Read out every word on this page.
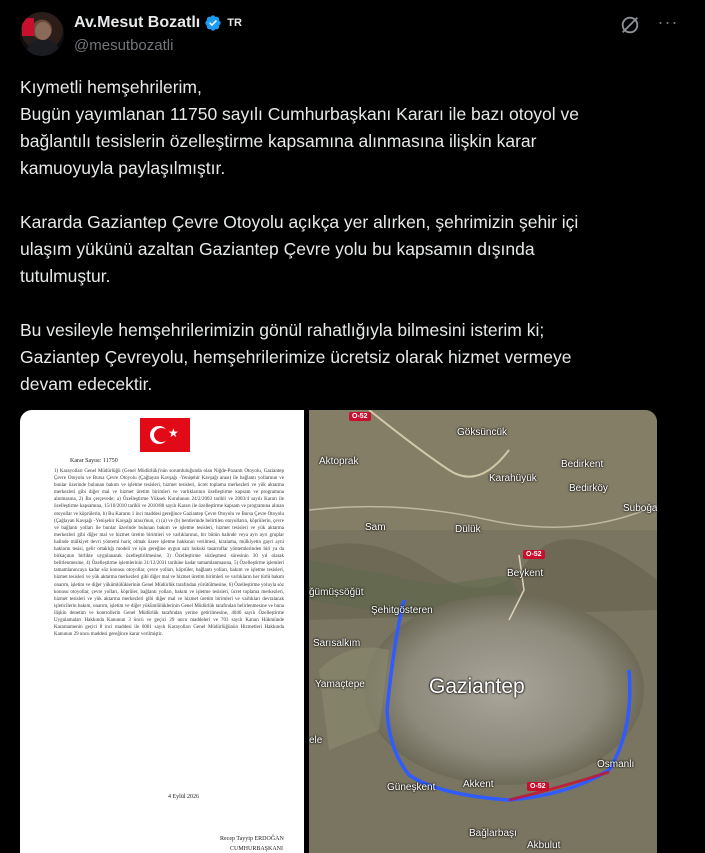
Av.Mesut Bozatlı TR
@mesutbozatli
···

Kıymetli hemşehrilerim,

Bugün yayımlanan 11750 sayılı Cumhurbaşkanı Kararı ile bazı otoyol ve

bağlantılı tesislerin özelleştirme kapsamına alınmasına ilişkin karar

kamuoyuyla paylaşılmıştır.

Kararda Gaziantep Çevre Otoyolu açıkça yer alırken, şehrimizin şehir içi

ulaşım yükünü azaltan Gaziantep Çevre yolu bu kapsamın dışında

tutulmuştur.

Bu vesileyle hemşehrilerimizin gönül rahatlığıyla bilmesini isterim ki;

Gaziantep Çevreyolu, hemşehrilerimize ücretsiz olarak hizmet vermeye

devam edecektir.

★
Karar Sayısı: 11750
1) Karayolları Genel Müdürlüğü (Genel Müdürlük)'nün sorumluluğunda olan Niğde-Pozantı Otoyolu, Gaziantep Çevre Otoyolu ve Bursa Çevre Otoyolu (Çağlayan Kavşağı -Yenişehir Kavşağı arası) ile bağlantı yollarının ve bunlar üzerinde bulunan bakım ve işletme tesisleri, hizmet tesisleri, ücret toplama merkezleri ve yük aktarma merkezleri gibi diğer mal ve hizmet üretim birimleri ve varlıklarının özelleştirme kapsam ve programına alınmasına, 2) Bu çerçevede; a) Özelleştirme Yüksek Kurulunun 24/2/2003 tarihli ve 2003/4 sayılı Kararı ile özelleştirme kapsamına, 15/10/2010 tarihli ve 2010/88 sayılı Kararı ile özelleştirme kapsam ve programına alınan otoyollar ve köprülerin, b) Bu Kararın 1 inci maddesi gereğince Gaziantep Çevre Otoyolu ve Bursa Çevre Otoyolu (Çağlayan Kavşağı -Yenişehir Kavşağı arası)'nun, c) (a) ve (b) bentlerinde belirtilen otoyolların, köprülerin, çevre ve bağlantı yolları ile bunlar üzerinde bulunan bakım ve işletme tesisleri, hizmet tesisleri ve yük aktarma merkezleri gibi diğer mal ve hizmet üretim birimleri ve varlıklarının, bir bütün halinde veya ayrı ayrı gruplar halinde mülkiyet devri yöntemi hariç olmak üzere işletme hakkının verilmesi, kiralama, mülkiyetin gayri ayni hakların tesisi, gelir ortaklığı modeli ve işin gereğine uygun sair hukuki tasarruflar yöntemlerinden biri ya da birkaçının birlikte uygulanarak özelleştirilmesine, 3) Özelleştirme sözleşmesi süresinin 30 yıl olarak belirlenmesine, 4) Özelleştirme işlemlerinin 31/12/2031 tarihine kadar tamamlanmasına, 5) Özelleştirme işlemleri tamamlanıncaya kadar söz konusu otoyollar, çevre yolları, köprüler, bağlantı yolları, bakım ve işletme tesisleri, hizmet tesisleri ve yük aktarma merkezleri gibi diğer mal ve hizmet üretim birimleri ve varlıkların her türlü bakım onarım, işletim ve diğer yükümlülüklerinin Genel Müdürlük tarafından yürütülmesine, 6) Özelleştirme yoluyla söz konusu otoyollar, çevre yolları, köprüler, bağlantı yolları, bakım ve işletme tesisleri, ücret toplama merkezleri, hizmet tesisleri ve yük aktarma merkezleri gibi diğer mal ve hizmet üretim birimleri ve varlıkları devralacak işleticilerin bakım, onarım, işletim ve diğer yükümlülüklerinin Genel Müdürlük tarafından belirlenmesine ve buna ilişkin denetim ve kontrollerin Genel Müdürlük tarafından yerine getirilmesine, 4046 sayılı Özelleştirme Uygulamaları Hakkında Kanunun 3 üncü ve geçici 29 uncu maddeleri ve 703 sayılı Kanun Hükmünde Kararnamenin geçici 8 inci maddesi ile 6001 sayılı Karayolları Genel Müdürlüğünün Hizmetleri Hakkında Kanunun 29 uncu maddesi gereğince karar verilmiştir.
4 Eylül 2026
Recep Tayyip ERDOĞAN
CUMHURBAŞKANI
O-52
O-52
O-52
Göksüncük
Aktoprak	Bedirkent
Karahüyük
Bedirköy
Suboğa
Sam	Dülük
Beykent
ğümüşsöğüt
Şehitgösteren
Sarısalkım
Yamaçtepe	Gaziantep
ele
Güneşkent	Akkent
Osmanlı
Bağlarbaşı
Akbulut
